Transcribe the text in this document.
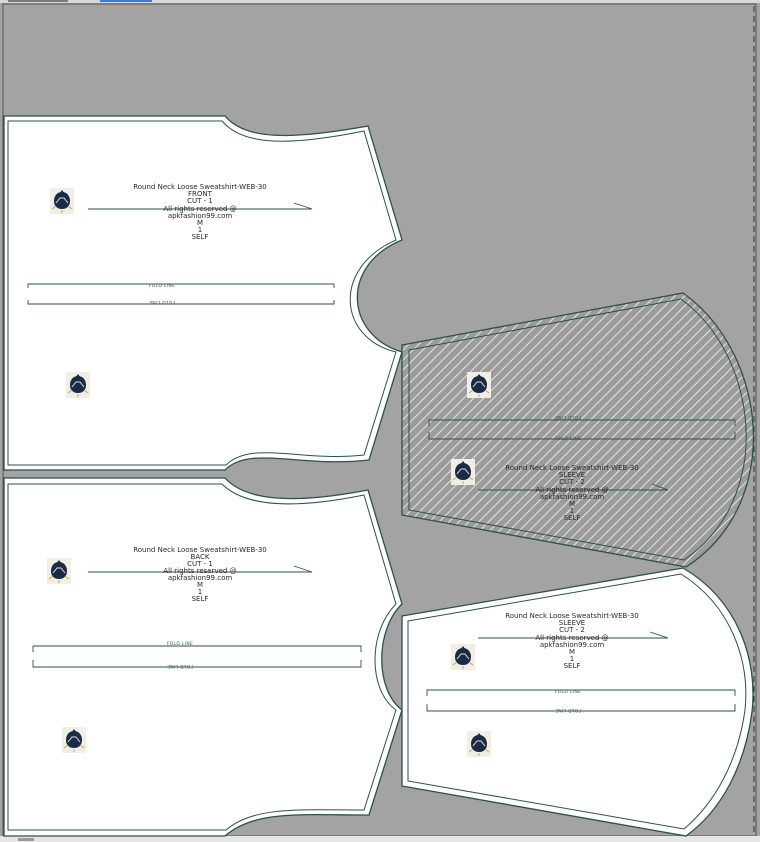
Round Neck Loose Sweatshirt-WEB-30
FRONT
CUT - 1
All rights reserved @
apkfashion99.com
M
1
SELF
FOLD LINE
FOLD LINE
Round Neck Loose Sweatshirt-WEB-30
BACK
CUT - 1
All rights reserved @
apkfashion99.com
M
1
SELF
FOLD LINE
FOLD LINE
FOLD LINE
FOLD LINE
Round Neck Loose Sweatshirt-WEB-30
SLEEVE
CUT - 2
All rights reserved @
apkfashion99.com
M
1
SELF
Round Neck Loose Sweatshirt-WEB-30
SLEEVE
CUT - 2
All rights reserved @
apkfashion99.com
M
1
SELF
FOLD LINE
FOLD LINE
